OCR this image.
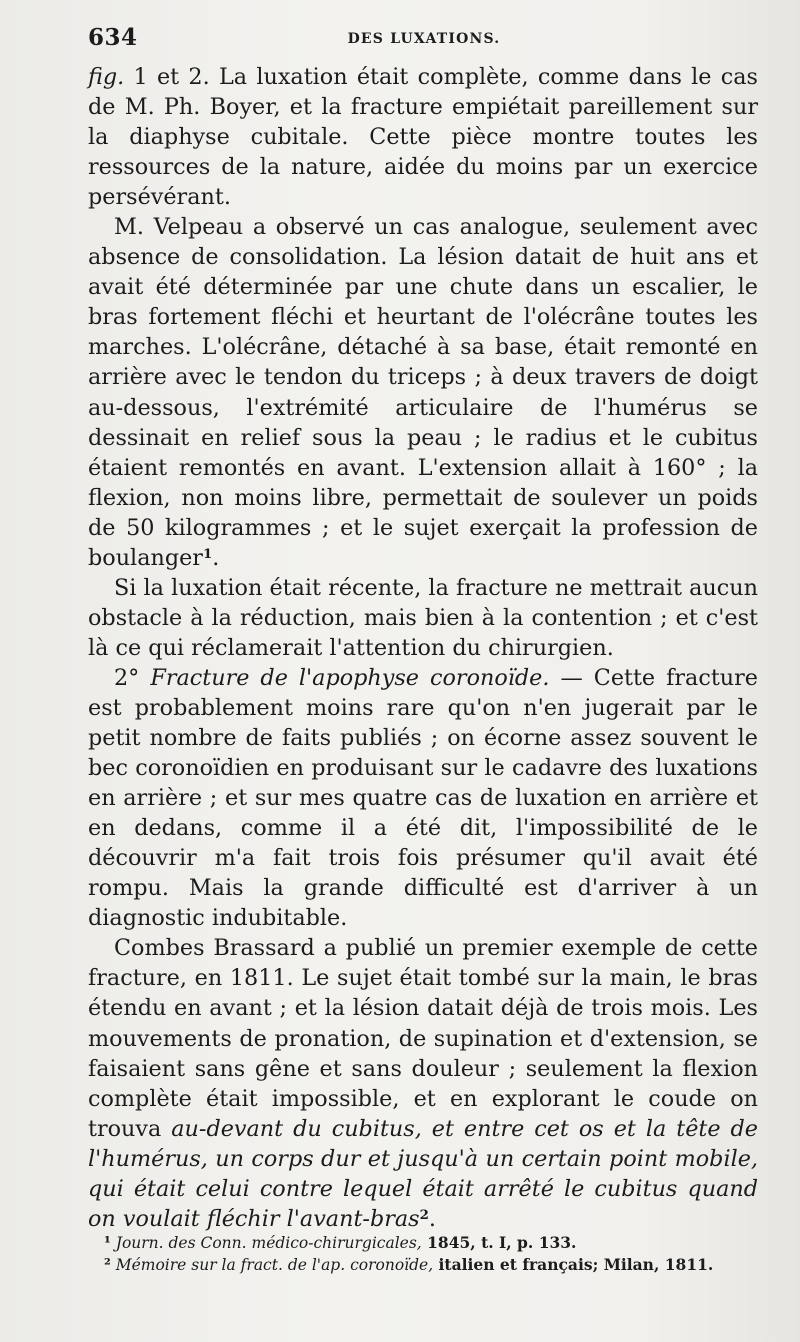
634	DES LUXATIONS.

fig. 1 et 2. La luxation était complète, comme dans le cas de M. Ph. Boyer, et la fracture empiétait pareillement sur la diaphyse cubitale. Cette pièce montre toutes les ressources de la nature, aidée du moins par un exercice persévérant.

M. Velpeau a observé un cas analogue, seulement avec absence de consolidation. La lésion datait de huit ans et avait été déterminée par une chute dans un escalier, le bras fortement fléchi et heurtant de l'olécrâne toutes les marches. L'olécrâne, détaché à sa base, était remonté en arrière avec le tendon du triceps ; à deux travers de doigt au-dessous, l'extrémité articulaire de l'humérus se dessinait en relief sous la peau ; le radius et le cubitus étaient remontés en avant. L'extension allait à 160° ; la flexion, non moins libre, permettait de soulever un poids de 50 kilogrammes ; et le sujet exerçait la profession de boulanger$^1$.

Si la luxation était récente, la fracture ne mettrait aucun obstacle à la réduction, mais bien à la contention ; et c'est là ce qui réclamerait l'attention du chirurgien.

2° Fracture de l'apophyse coronoïde. — Cette fracture est probablement moins rare qu'on n'en jugerait par le petit nombre de faits publiés ; on écorne assez souvent le bec coronoïdien en produisant sur le cadavre des luxations en arrière ; et sur mes quatre cas de luxation en arrière et en dedans, comme il a été dit, l'impossibilité de le découvrir m'a fait trois fois présumer qu'il avait été rompu. Mais la grande difficulté est d'arriver à un diagnostic indubitable.

Combes Brassard a publié un premier exemple de cette fracture, en 1811. Le sujet était tombé sur la main, le bras étendu en avant ; et la lésion datait déjà de trois mois. Les mouvements de pronation, de supination et d'extension, se faisaient sans gêne et sans douleur ; seulement la flexion complète était impossible, et en explorant le coude on trouva au-devant du cubitus, et entre cet os et la tête de l'humérus, un corps dur et jusqu'à un certain point mobile, qui était celui contre lequel était arrêté le cubitus quand on voulait fléchir l'avant-bras$^2$.

¹ Journ. des Conn. médico-chirurgicales, 1845, t. I, p. 133.

² Mémoire sur la fract. de l'ap. coronoïde, italien et français; Milan, 1811.
